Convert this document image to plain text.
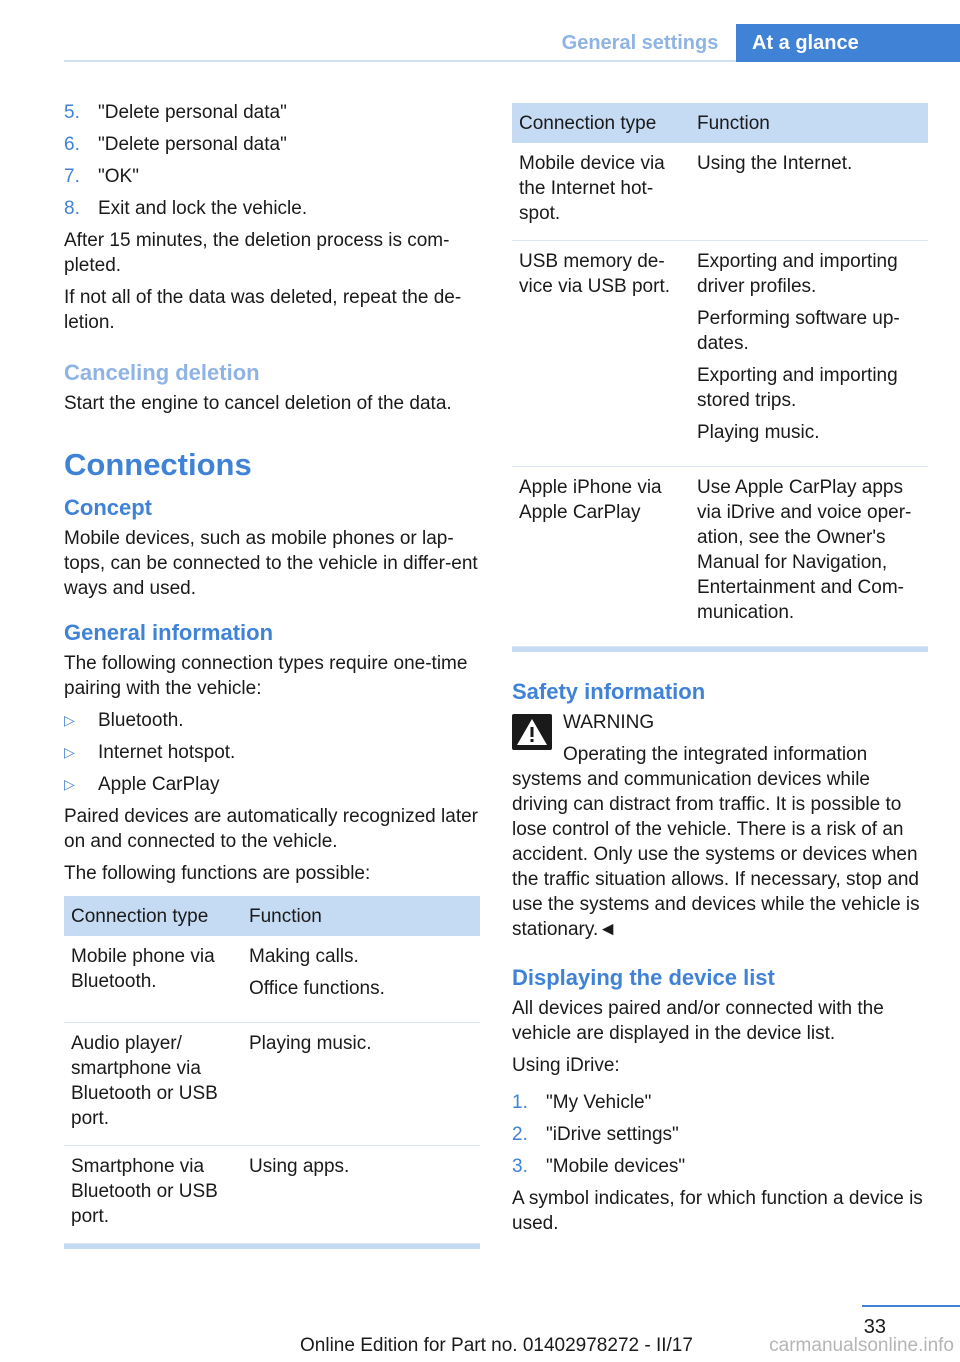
General settings	At a glance
5. "Delete personal data"
6. "Delete personal data"
7. "OK"
8. Exit and lock the vehicle.

After 15 minutes, the deletion process is com‐pleted.

If not all of the data was deleted, repeat the de‐letion.

Canceling deletion

Start the engine to cancel deletion of the data.

Connections
Concept

Mobile devices, such as mobile phones or lap‐tops, can be connected to the vehicle in differ‐ent ways and used.

General information

The following connection types require one-time pairing with the vehicle:

▷	Bluetooth.
▷	Internet hotspot.
▷	Apple CarPlay

Paired devices are automatically recognized later on and connected to the vehicle.

The following functions are possible:

Connection type	Function
Mobile phone via Bluetooth.	Making calls.

Office functions.

Audio player/ smartphone via Bluetooth or USB port.	Playing music.

Smartphone via Bluetooth or USB port.	Using apps.

Connection type	Function
Mobile device via the Internet hot‐spot.	Using the Internet.

USB memory de‐vice via USB port.	Exporting and importing driver profiles.

Performing software up‐dates.

Exporting and importing stored trips.

Playing music.

Apple iPhone via Apple CarPlay	Use Apple CarPlay apps via iDrive and voice oper‐ation, see the Owner's Manual for Navigation, Entertainment and Com‐munication.

Safety information

WARNING

Operating the integrated information

systems and communication devices while driving can distract from traffic. It is possible to lose control of the vehicle. There is a risk of an accident. Only use the systems or devices when the traffic situation allows. If necessary, stop and use the systems and devices while the vehicle is stationary.◄

Displaying the device list

All devices paired and/or connected with the vehicle are displayed in the device list.

Using iDrive:

1. "My Vehicle"
2. "iDrive settings"
3. "Mobile devices"

A symbol indicates, for which function a device is used.

33
Online Edition for Part no. 01402978272 - II/17	carmanualsonline.info
